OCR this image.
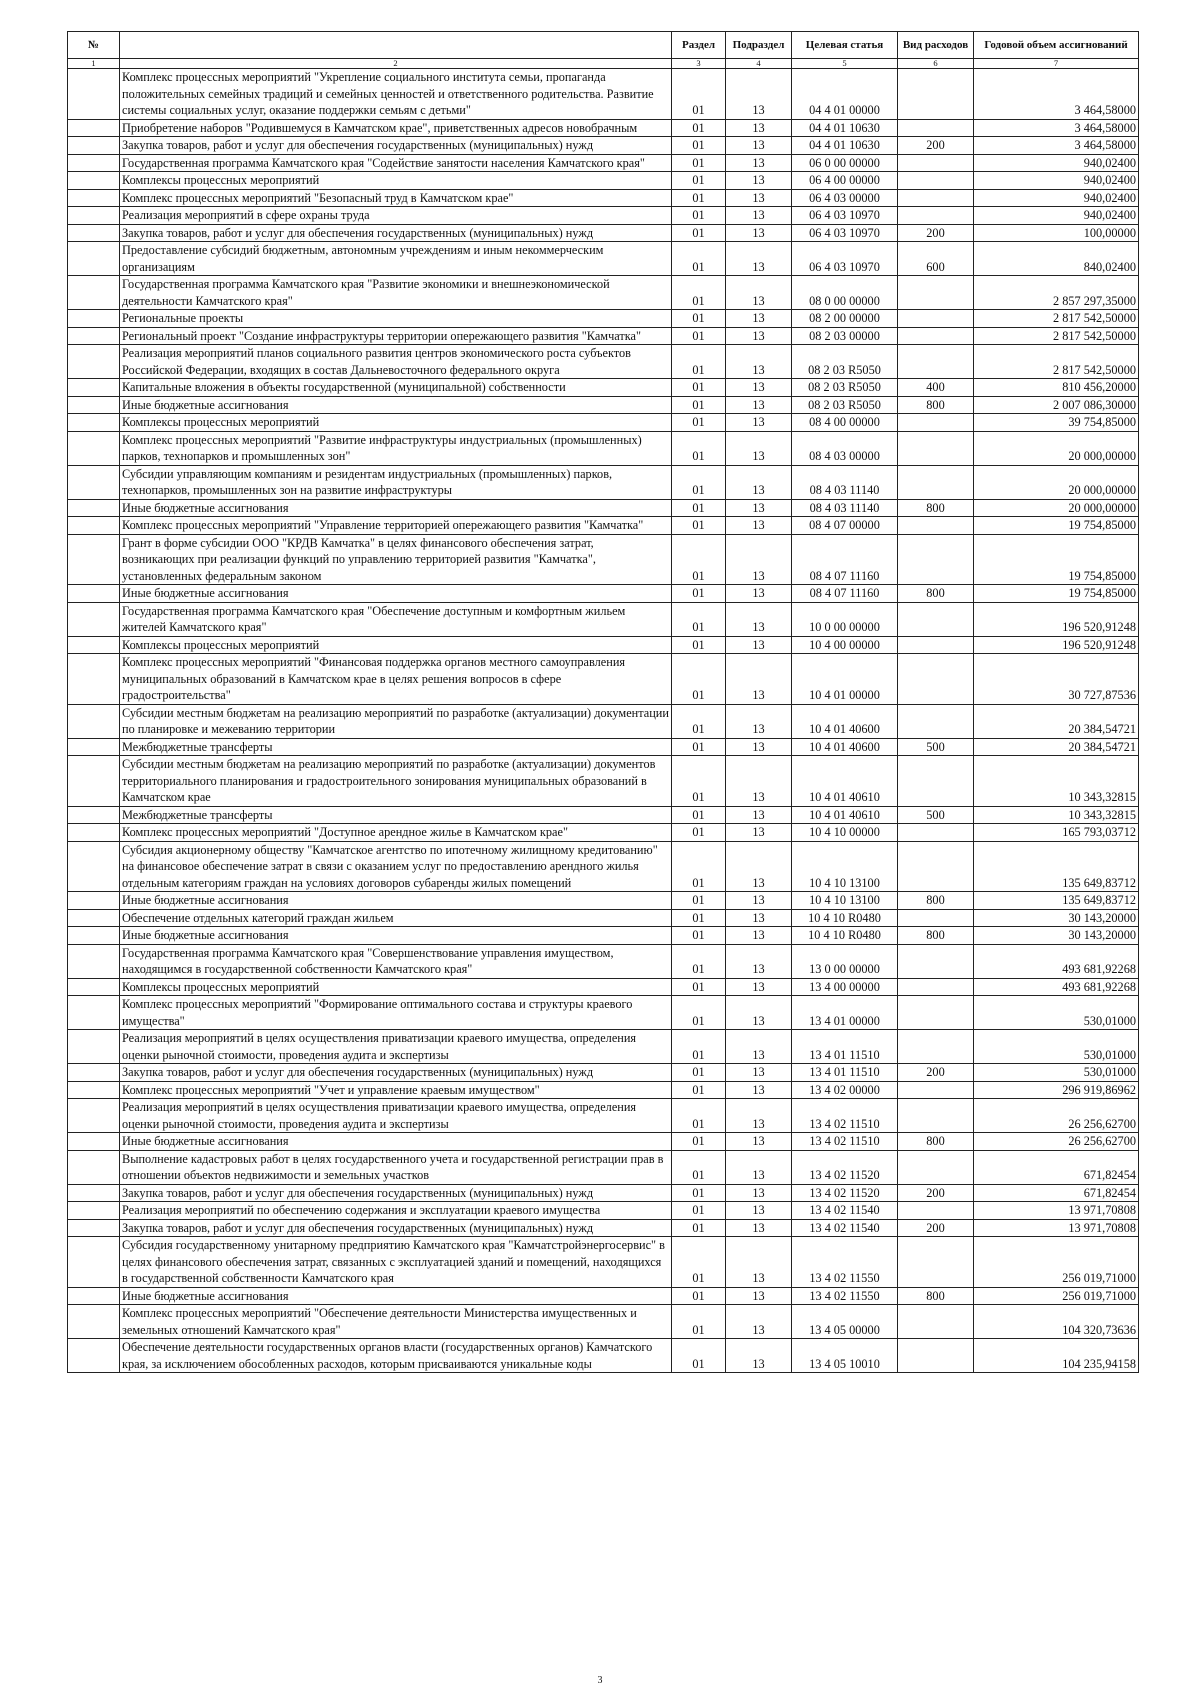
№		Раздел	Подраздел	Целевая статья	Вид расходов	Годовой объем ассигнований
1	2	3	4	5	6	7
	Комплекс процессных мероприятий "Укрепление социального института семьи, пропаганда положительных семейных традиций и семейных ценностей и ответственного родительства. Развитие системы социальных услуг, оказание поддержки семьям с детьми"	01	13	04 4 01 00000		3 464,58000
	Приобретение наборов "Родившемуся в Камчатском крае", приветственных адресов новобрачным	01	13	04 4 01 10630		3 464,58000
	Закупка товаров, работ и услуг для обеспечения государственных (муниципальных) нужд	01	13	04 4 01 10630	200	3 464,58000
	Государственная программа Камчатского края "Содействие занятости населения Камчатского края"	01	13	06 0 00 00000		940,02400
	Комплексы процессных мероприятий	01	13	06 4 00 00000		940,02400
	Комплекс процессных мероприятий "Безопасный труд в Камчатском крае"	01	13	06 4 03 00000		940,02400
	Реализация мероприятий в сфере охраны труда	01	13	06 4 03 10970		940,02400
	Закупка товаров, работ и услуг для обеспечения государственных (муниципальных) нужд	01	13	06 4 03 10970	200	100,00000
	Предоставление субсидий бюджетным, автономным учреждениям и иным некоммерческим организациям	01	13	06 4 03 10970	600	840,02400
	Государственная программа Камчатского края "Развитие экономики и внешнеэкономической деятельности Камчатского края"	01	13	08 0 00 00000		2 857 297,35000
	Региональные проекты	01	13	08 2 00 00000		2 817 542,50000
	Региональный проект "Создание инфраструктуры территории опережающего развития "Камчатка"	01	13	08 2 03 00000		2 817 542,50000
	Реализация мероприятий планов социального развития центров экономического роста субъектов Российской Федерации, входящих в состав Дальневосточного федерального округа	01	13	08 2 03 R5050		2 817 542,50000
	Капитальные вложения в объекты государственной (муниципальной) собственности	01	13	08 2 03 R5050	400	810 456,20000
	Иные бюджетные ассигнования	01	13	08 2 03 R5050	800	2 007 086,30000
	Комплексы процессных мероприятий	01	13	08 4 00 00000		39 754,85000
	Комплекс процессных мероприятий "Развитие инфраструктуры индустриальных (промышленных) парков, технопарков и промышленных зон"	01	13	08 4 03 00000		20 000,00000
	Субсидии управляющим компаниям и резидентам индустриальных (промышленных) парков, технопарков, промышленных зон на развитие инфраструктуры	01	13	08 4 03 11140		20 000,00000
	Иные бюджетные ассигнования	01	13	08 4 03 11140	800	20 000,00000
	Комплекс процессных мероприятий "Управление территорией опережающего развития "Камчатка"	01	13	08 4 07 00000		19 754,85000
	Грант в форме субсидии ООО "КРДВ Камчатка" в целях финансового обеспечения затрат, возникающих при реализации функций по управлению территорией развития "Камчатка", установленных федеральным законом	01	13	08 4 07 11160		19 754,85000
	Иные бюджетные ассигнования	01	13	08 4 07 11160	800	19 754,85000
	Государственная программа Камчатского края "Обеспечение доступным и комфортным жильем жителей Камчатского края"	01	13	10 0 00 00000		196 520,91248
	Комплексы процессных мероприятий	01	13	10 4 00 00000		196 520,91248
	Комплекс процессных мероприятий "Финансовая поддержка органов местного самоуправления муниципальных образований в Камчатском крае в целях решения вопросов в сфере градостроительства"	01	13	10 4 01 00000		30 727,87536
	Субсидии местным бюджетам на реализацию мероприятий по разработке (актуализации) документации по планировке и межеванию территории	01	13	10 4 01 40600		20 384,54721
	Межбюджетные трансферты	01	13	10 4 01 40600	500	20 384,54721
	Субсидии местным бюджетам на реализацию мероприятий по разработке (актуализации) документов территориального планирования и градостроительного зонирования муниципальных образований в Камчатском крае	01	13	10 4 01 40610		10 343,32815
	Межбюджетные трансферты	01	13	10 4 01 40610	500	10 343,32815
	Комплекс процессных мероприятий "Доступное арендное жилье в Камчатском крае"	01	13	10 4 10 00000		165 793,03712
	Субсидия акционерному обществу "Камчатское агентство по ипотечному жилищному кредитованию" на финансовое обеспечение затрат в связи с оказанием услуг по предоставлению арендного жилья отдельным категориям граждан на условиях договоров субаренды жилых помещений	01	13	10 4 10 13100		135 649,83712
	Иные бюджетные ассигнования	01	13	10 4 10 13100	800	135 649,83712
	Обеспечение отдельных категорий граждан жильем	01	13	10 4 10 R0480		30 143,20000
	Иные бюджетные ассигнования	01	13	10 4 10 R0480	800	30 143,20000
	Государственная программа Камчатского края "Совершенствование управления имуществом, находящимся в государственной собственности Камчатского края"	01	13	13 0 00 00000		493 681,92268
	Комплексы процессных мероприятий	01	13	13 4 00 00000		493 681,92268
	Комплекс процессных мероприятий "Формирование оптимального состава и структуры краевого имущества"	01	13	13 4 01 00000		530,01000
	Реализация мероприятий в целях осуществления приватизации краевого имущества, определения оценки рыночной стоимости, проведения аудита и экспертизы	01	13	13 4 01 11510		530,01000
	Закупка товаров, работ и услуг для обеспечения государственных (муниципальных) нужд	01	13	13 4 01 11510	200	530,01000
	Комплекс процессных мероприятий "Учет и управление краевым имуществом"	01	13	13 4 02 00000		296 919,86962
	Реализация мероприятий в целях осуществления приватизации краевого имущества, определения оценки рыночной стоимости, проведения аудита и экспертизы	01	13	13 4 02 11510		26 256,62700
	Иные бюджетные ассигнования	01	13	13 4 02 11510	800	26 256,62700
	Выполнение кадастровых работ в целях государственного учета и государственной регистрации прав в отношении объектов недвижимости и земельных участков	01	13	13 4 02 11520		671,82454
	Закупка товаров, работ и услуг для обеспечения государственных (муниципальных) нужд	01	13	13 4 02 11520	200	671,82454
	Реализация мероприятий по обеспечению содержания и эксплуатации краевого имущества	01	13	13 4 02 11540		13 971,70808
	Закупка товаров, работ и услуг для обеспечения государственных (муниципальных) нужд	01	13	13 4 02 11540	200	13 971,70808
	Субсидия государственному унитарному предприятию Камчатского края "Камчатстройэнергосервис" в целях финансового обеспечения затрат, связанных с эксплуатацией зданий и помещений, находящихся в государственной собственности Камчатского края	01	13	13 4 02 11550		256 019,71000
	Иные бюджетные ассигнования	01	13	13 4 02 11550	800	256 019,71000
	Комплекс процессных мероприятий "Обеспечение деятельности Министерства имущественных и земельных отношений Камчатского края"	01	13	13 4 05 00000		104 320,73636
	Обеспечение деятельности государственных органов власти (государственных органов) Камчатского края, за исключением обособленных расходов, которым присваиваются уникальные коды	01	13	13 4 05 10010		104 235,94158
3
